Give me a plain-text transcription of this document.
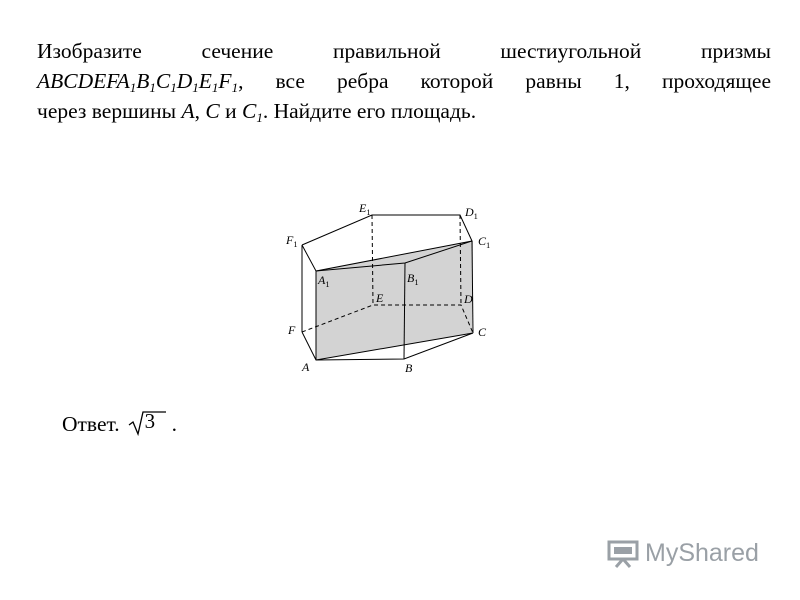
Изобразите сечение правильной шестиугольной призмы
$ABCDEFA_1B_1C_1D_1E_1F_1$, все ребра которой равны 1, проходящее
через вершины A, C и $C_1$. Найдите его площадь.

A	B
C
D
E
F
$A_1$	$B_1$
$C_1$
$D_1$
$E_1$
$F_1$
Ответ. 3 .
MyShared
